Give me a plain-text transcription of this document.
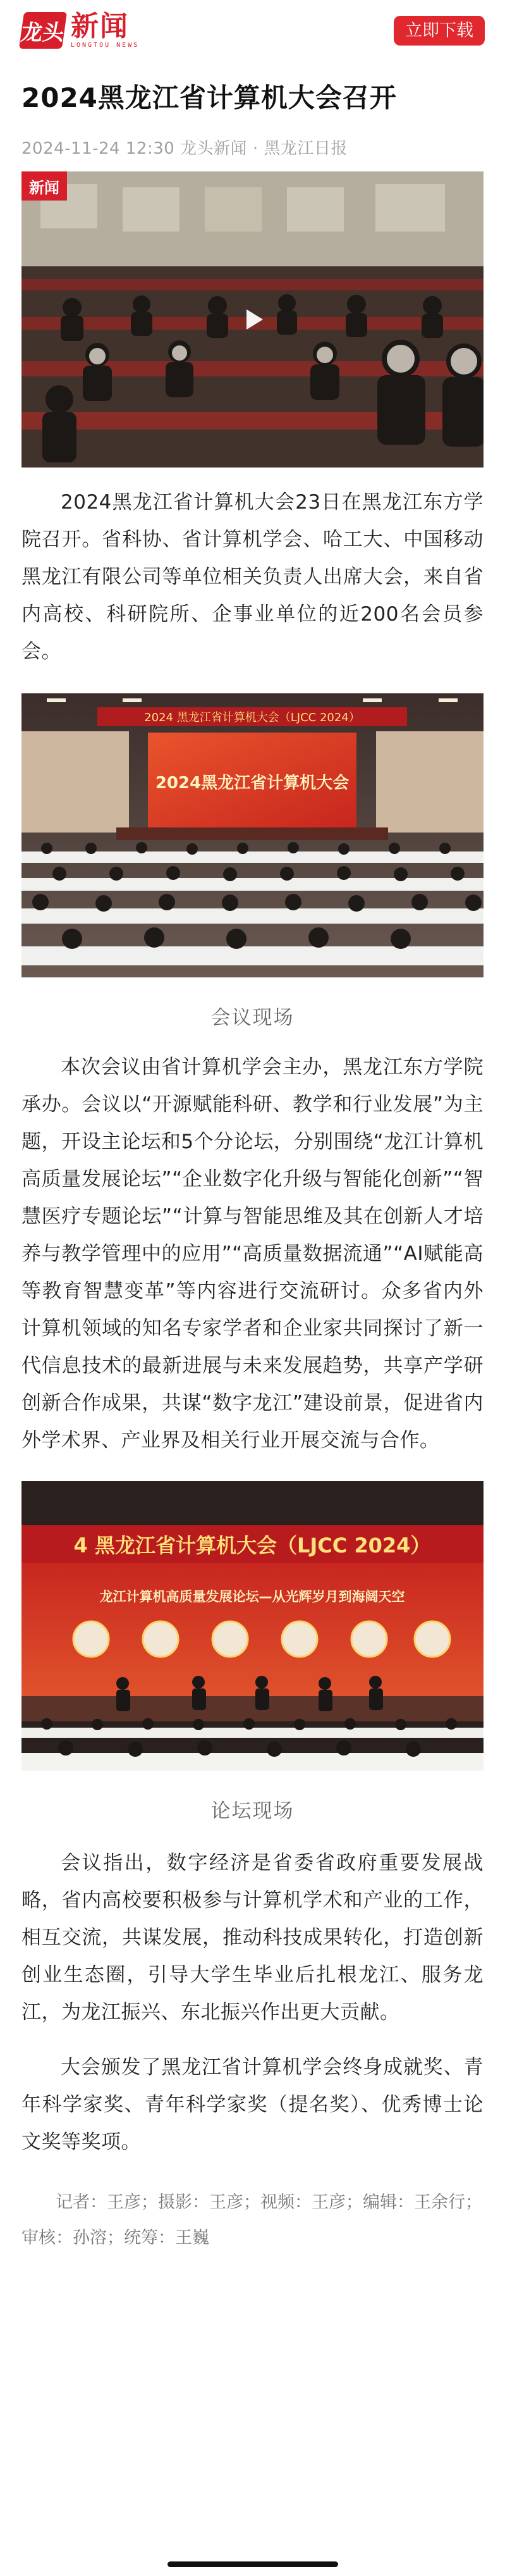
龙头 新闻
LONGTOU NEWS
立即下载
2024黑龙江省计算机大会召开
2024-11-24 12:30 龙头新闻 · 黑龙江日报
新闻

2024黑龙江省计算机大会23日在黑龙江东方学院召开。省科协、省计算机学会、哈工大、中国移动黑龙江有限公司等单位相关负责人出席大会，来自省内高校、科研院所、企事业单位的近200名会员参会。

2024 黑龙江省计算机大会（LJCC 2024）
2024黑龙江省计算机大会
会议现场

本次会议由省计算机学会主办，黑龙江东方学院承办。会议以“开源赋能科研、教学和行业发展”为主题，开设主论坛和5个分论坛，分别围绕“龙江计算机高质量发展论坛”“企业数字化升级与智能化创新”“智慧医疗专题论坛”“计算与智能思维及其在创新人才培养与教学管理中的应用”“高质量数据流通”“AI赋能高等教育智慧变革”等内容进行交流研讨。众多省内外计算机领域的知名专家学者和企业家共同探讨了新一代信息技术的最新进展与未来发展趋势，共享产学研创新合作成果，共谋“数字龙江”建设前景，促进省内外学术界、产业界及相关行业开展交流与合作。

4 黑龙江省计算机大会（LJCC 2024）
龙江计算机高质量发展论坛—从光辉岁月到海阔天空
论坛现场

会议指出，数字经济是省委省政府重要发展战略，省内高校要积极参与计算机学术和产业的工作，相互交流，共谋发展，推动科技成果转化，打造创新创业生态圈，引导大学生毕业后扎根龙江、服务龙江，为龙江振兴、东北振兴作出更大贡献。

大会颁发了黑龙江省计算机学会终身成就奖、青年科学家奖、青年科学家奖（提名奖）、优秀博士论文奖等奖项。

记者：王彦；摄影：王彦；视频：王彦；编辑：王余行；审核：孙溶；统筹：王巍
